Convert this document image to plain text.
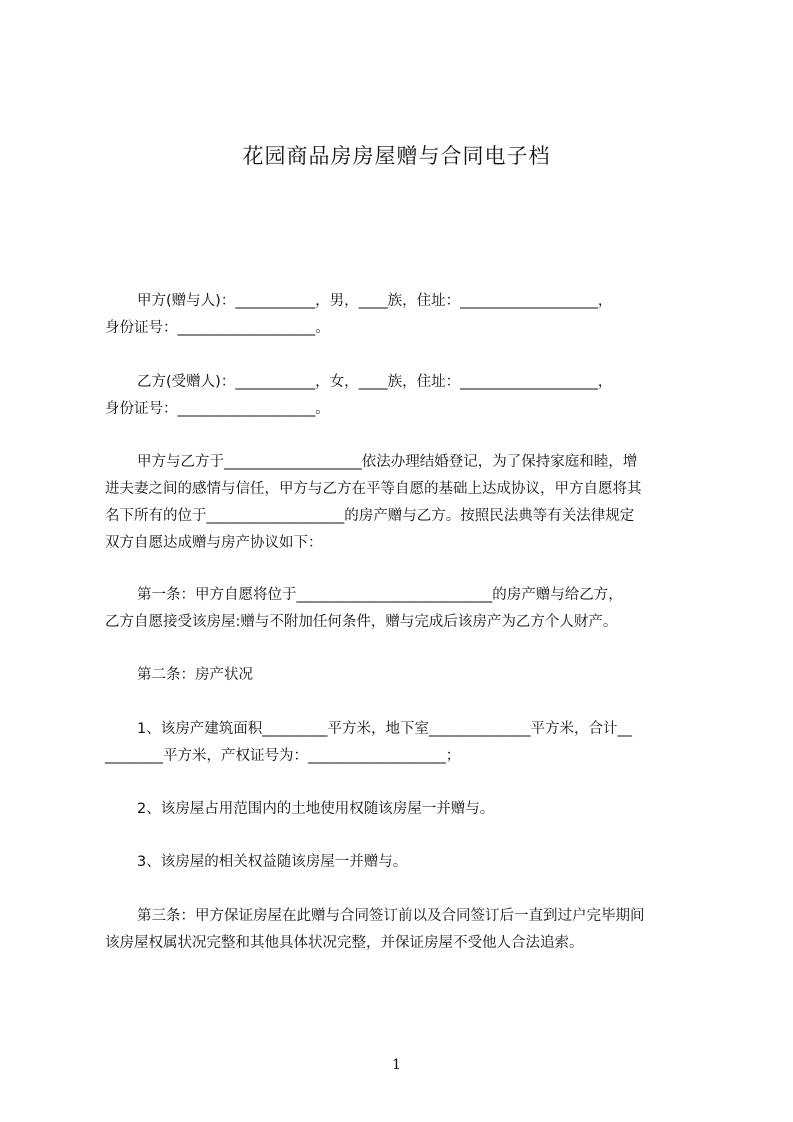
花园商品房房屋赠与合同电子档
甲方(赠与人)：___________，男，____族，住址：___________________，
身份证号：___________________。
乙方(受赠人)：___________，女，____族，住址：___________________，
身份证号：___________________。
甲方与乙方于___________________依法办理结婚登记，为了保持家庭和睦，增
进夫妻之间的感情与信任，甲方与乙方在平等自愿的基础上达成协议，甲方自愿将其
名下所有的位于___________________的房产赠与乙方。按照民法典等有关法律规定
双方自愿达成赠与房产协议如下：
第一条：甲方自愿将位于___________________________的房产赠与给乙方，
乙方自愿接受该房屋:赠与不附加任何条件，赠与完成后该房产为乙方个人财产。
第二条：房产状况
1、该房产建筑面积_________平方米，地下室______________平方米，合计__
________平方米，产权证号为：___________________；
2、该房屋占用范围内的土地使用权随该房屋一并赠与。
3、该房屋的相关权益随该房屋一并赠与。
第三条：甲方保证房屋在此赠与合同签订前以及合同签订后一直到过户完毕期间
该房屋权属状况完整和其他具体状况完整，并保证房屋不受他人合法追索。
1
